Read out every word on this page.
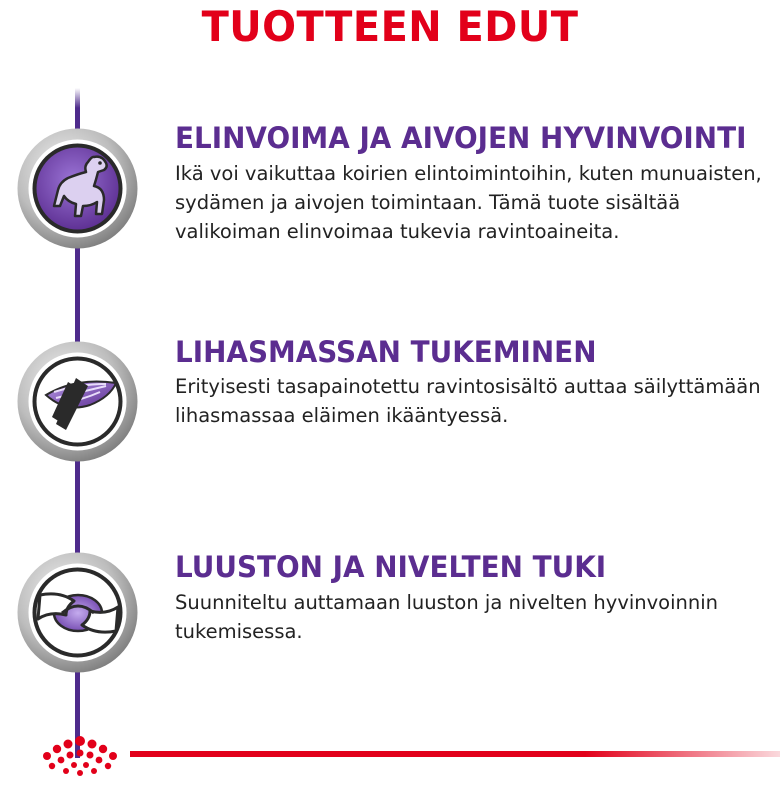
TUOTTEEN EDUT
ELINVOIMA JA AIVOJEN HYVINVOINTI
Ikä voi vaikuttaa koirien elintoimintoihin, kuten munuaisten, sydämen ja aivojen toimintaan. Tämä tuote sisältää valikoiman elinvoimaa tukevia ravintoaineita.
LIHASMASSAN TUKEMINEN
Erityisesti tasapainotettu ravintosisältö auttaa säilyttämään lihasmassaa eläimen ikääntyessä.
LUUSTON JA NIVELTEN TUKI
Suunniteltu auttamaan luuston ja nivelten hyvinvoinnin tukemisessa.
